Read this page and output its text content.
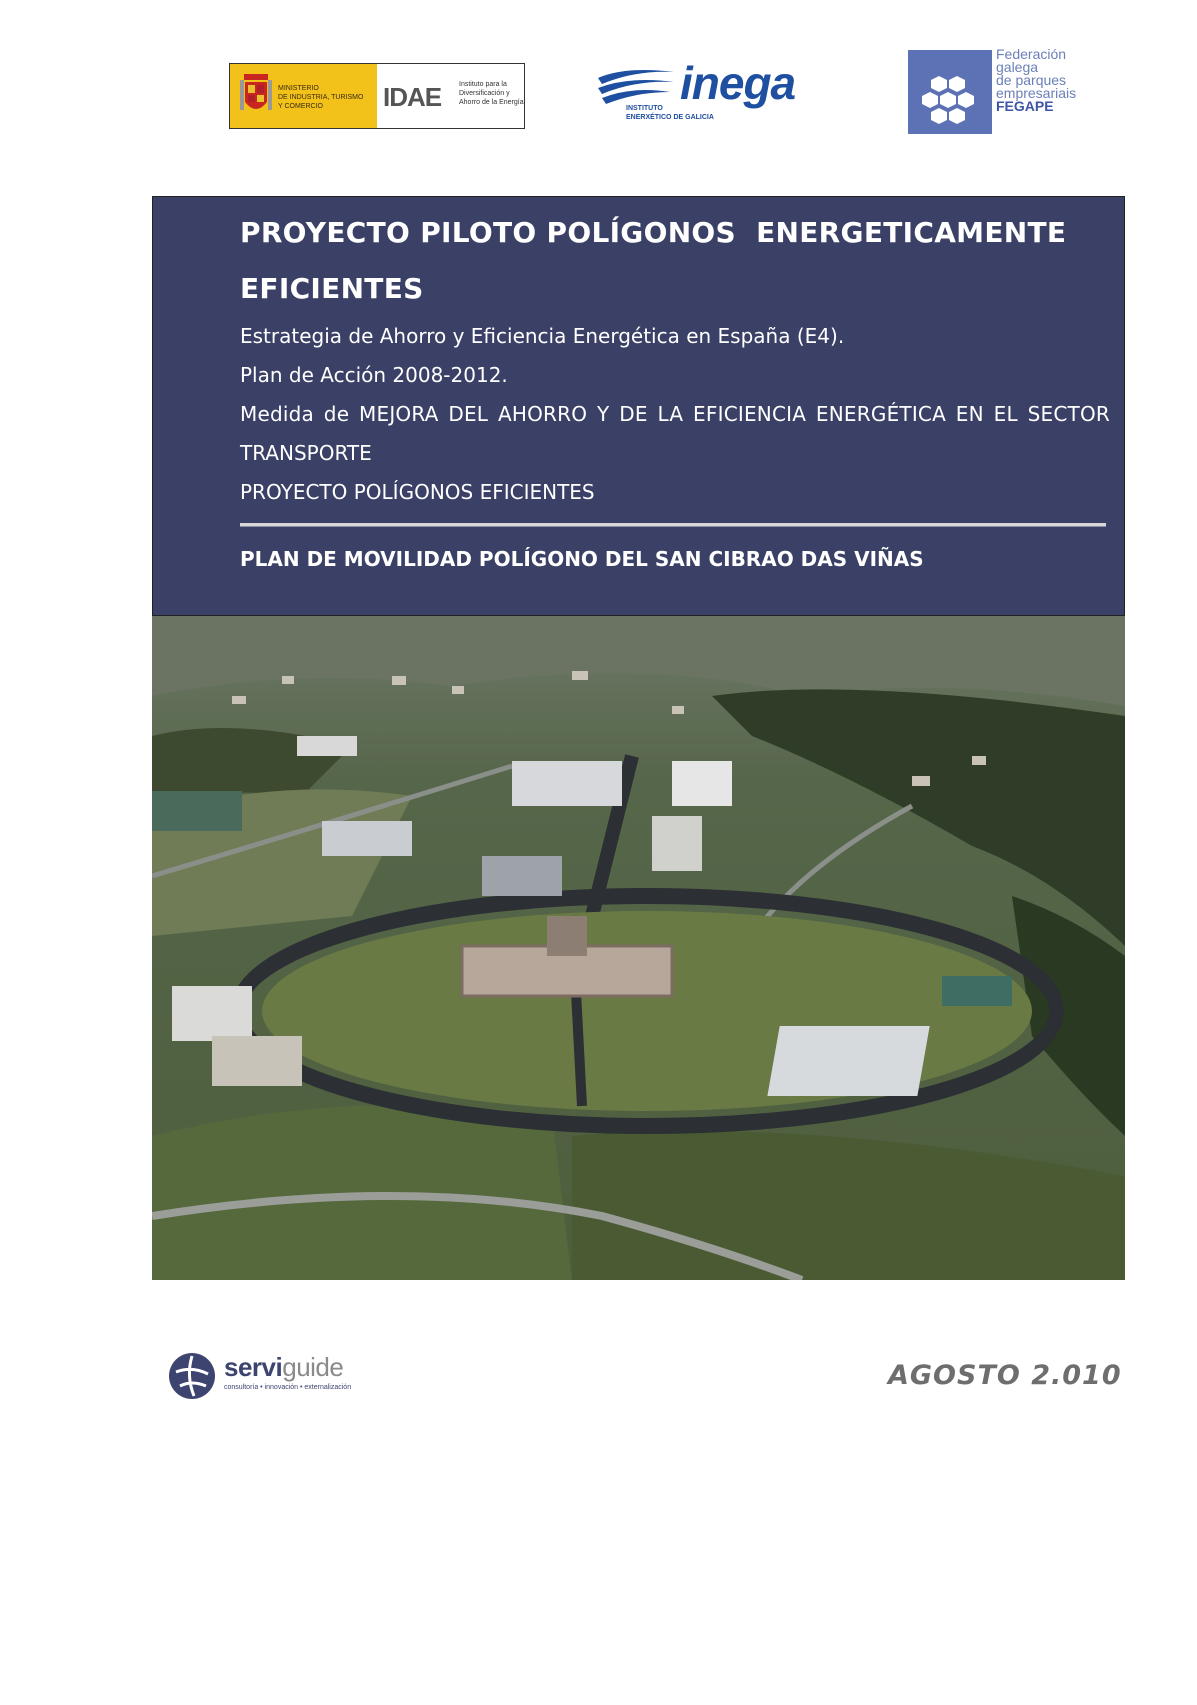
MINISTERIO
DE INDUSTRIA, TURISMO
Y COMERCIO	IDAE	Instituto para la
Diversificación y
Ahorro de la Energía	inega
INSTITUTO
ENERXÉTICO DE GALICIA
Federación
galega
de parques
empresariais
FEGAPE

PROYECTO PILOTO POLÍGONOS  ENERGETICAMENTE
EFICIENTES

Estrategia de Ahorro y Eficiencia Energética en España (E4).

Plan de Acción 2008-2012.

Medida de MEJORA DEL AHORRO Y DE LA EFICIENCIA ENERGÉTICA EN EL SECTOR

TRANSPORTE

PROYECTO POLÍGONOS EFICIENTES

PLAN DE MOVILIDAD POLÍGONO DEL SAN CIBRAO DAS VIÑAS
serviguide
consultoría • innovación • externalización	AGOSTO 2.010
